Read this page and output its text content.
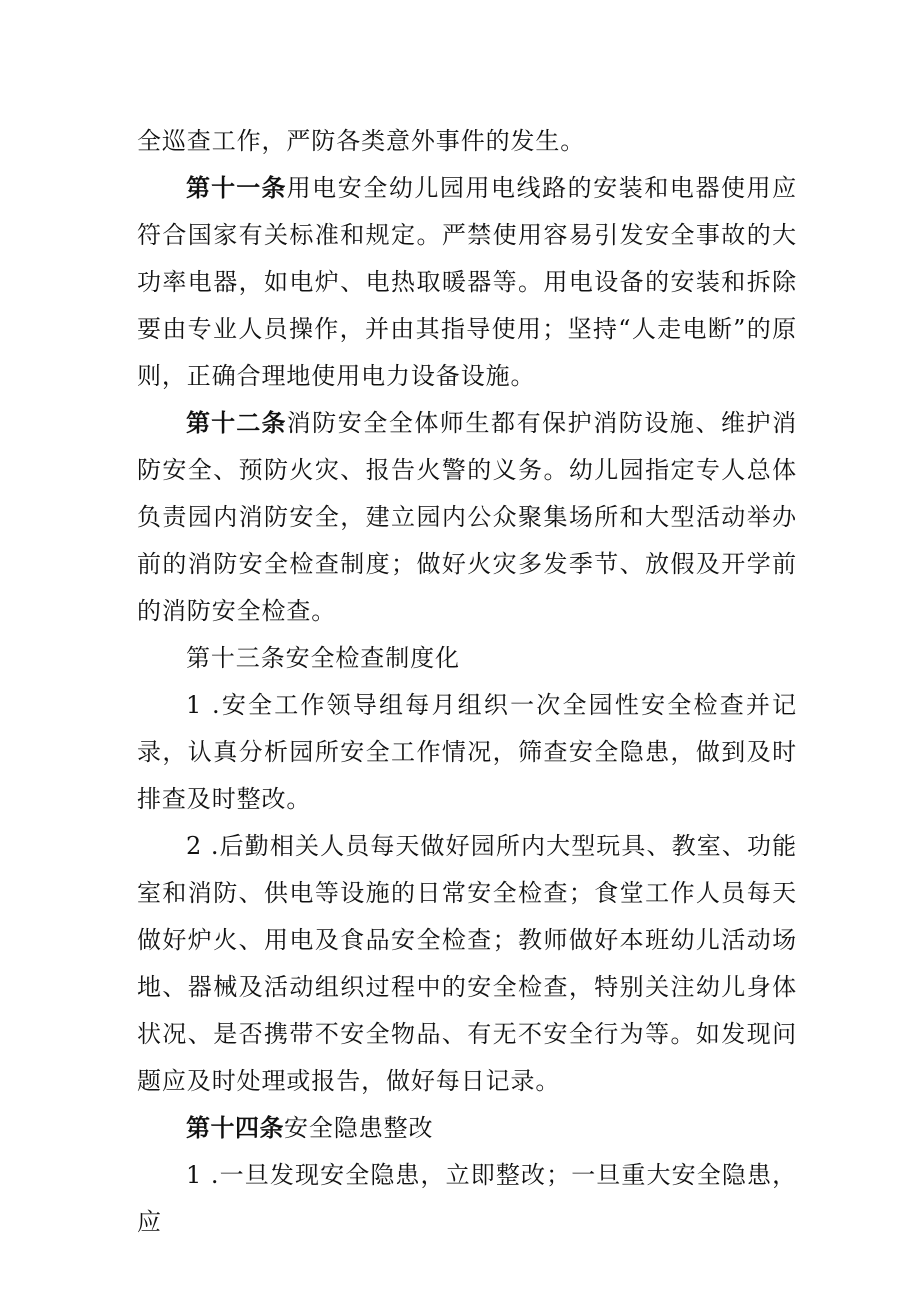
全巡查工作，严防各类意外事件的发生。

第十一条用电安全幼儿园用电线路的安装和电器使用应符合国家有关标准和规定。严禁使用容易引发安全事故的大功率电器，如电炉、电热取暖器等。用电设备的安装和拆除要由专业人员操作，并由其指导使用；坚持“人走电断”的原则，正确合理地使用电力设备设施。

第十二条消防安全全体师生都有保护消防设施、维护消防安全、预防火灾、报告火警的义务。幼儿园指定专人总体负责园内消防安全，建立园内公众聚集场所和大型活动举办前的消防安全检查制度；做好火灾多发季节、放假及开学前的消防安全检查。

第十三条安全检查制度化

1 .安全工作领导组每月组织一次全园性安全检查并记录，认真分析园所安全工作情况，筛查安全隐患，做到及时排查及时整改。

2 .后勤相关人员每天做好园所内大型玩具、教室、功能室和消防、供电等设施的日常安全检查；食堂工作人员每天做好炉火、用电及食品安全检查；教师做好本班幼儿活动场地、器械及活动组织过程中的安全检查，特别关注幼儿身体状况、是否携带不安全物品、有无不安全行为等。如发现问题应及时处理或报告，做好每日记录。

第十四条安全隐患整改

1 .一旦发现安全隐患，立即整改；一旦重大安全隐患，应
